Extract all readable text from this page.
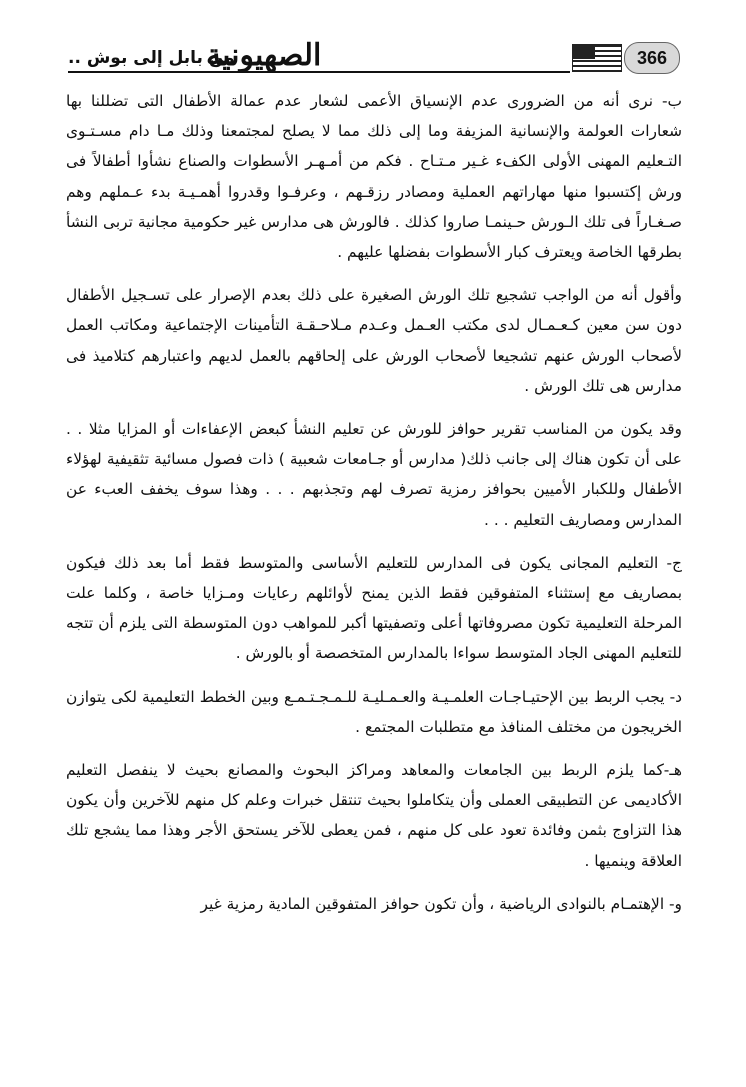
366
الصهيونية
من بابل إلى بوش ..

ب- نرى أنه من الضرورى عدم الإنسياق الأعمى لشعار عدم عمالة الأطفال التى تضللنا بها شعارات العولمة والإنسانية المزيفة وما إلى ذلك مما لا يصلح لمجتمعنا وذلك مـا دام مسـتـوى التـعليم المهنى الأولى الكفء غـير مـتـاح . فكم من أمـهـر الأسطوات والصناع نشأوا أطفالاً فى ورش إكتسبوا منها مهاراتهم العملية ومصادر رزقـهم ، وعرفـوا وقدروا أهمـيـة بدء عـملهم وهم صـغـاراً فى تلك الـورش حـينمـا صاروا كذلك . فالورش هى مدارس غير حكومية مجانية تربى النشأ بطرقها الخاصة ويعترف كبار الأسطوات بفضلها عليهم .

وأقول أنه من الواجب تشجيع تلك الورش الصغيرة على ذلك بعدم الإصرار على تسـجيل الأطفال دون سن معين كـعـمـال لدى مكتب العـمل وعـدم مـلاحـقـة التأمينات الإجتماعية ومكاتب العمل لأصحاب الورش عنهم تشجيعا لأصحاب الورش على إلحاقهم بالعمل لديهم واعتبارهم كتلاميذ فى مدارس هى تلك الورش .

وقد يكون من المناسب تقرير حوافز للورش عن تعليم النشأ كبعض الإعفاءات أو المزايا مثلا . . على أن تكون هناك إلى جانب ذلك( مدارس أو جـامعات شعبية ) ذات فصول مسائية تثقيفية لهؤلاء الأطفال وللكبار الأميين بحوافز رمزية تصرف لهم وتجذبهم . . . وهذا سوف يخفف العبء عن المدارس ومصاريف التعليم . . .

ج- التعليم المجانى يكون فى المدارس للتعليم الأساسى والمتوسط فقط أما بعد ذلك فيكون بمصاريف مع إستثناء المتفوقين فقط الذين يمنح لأوائلهم رعايات ومـزايا خاصة ، وكلما علت المرحلة التعليمية تكون مصروفاتها أعلى وتصفيتها أكبر للمواهب دون المتوسطة التى يلزم أن تتجه للتعليم المهنى الجاد المتوسط سواءا بالمدارس المتخصصة أو بالورش .

د- يجب الربط بين الإحتيـاجـات العلمـيـة والعـمـليـة للـمـجـتـمـع وبين الخطط التعليمية لكى يتوازن الخريجون من مختلف المنافذ مع متطلبات المجتمع .

هـ-كما يلزم الربط بين الجامعات والمعاهد ومراكز البحوث والمصانع بحيث لا ينفصل التعليم الأكاديمى عن التطبيقى العملى وأن يتكاملوا بحيث تنتقل خبرات وعلم كل منهم للآخرين وأن يكون هذا التزاوج بثمن وفائدة تعود على كل منهم ، فمن يعطى للآخر يستحق الأجر وهذا مما يشجع تلك العلاقة وينميها .

و- الإهتمـام بالنوادى الرياضية ، وأن تكون حوافز المتفوقين المادية رمزية غير
